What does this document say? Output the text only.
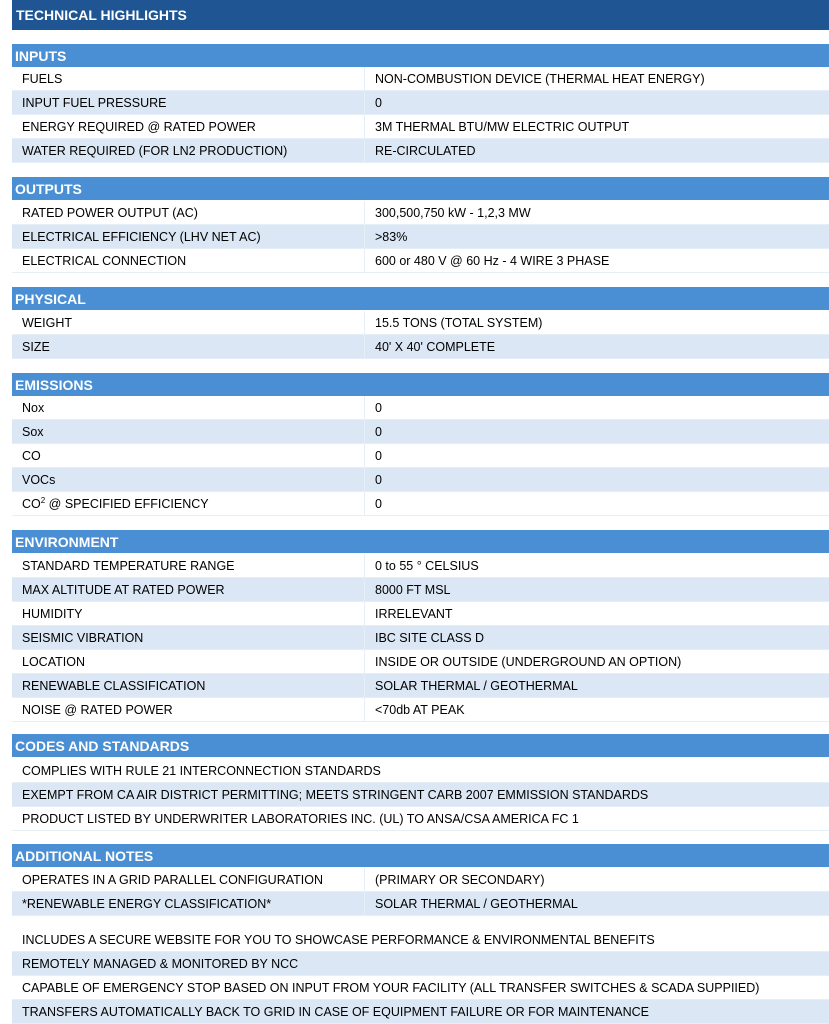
TECHNICAL HIGHLIGHTS
INPUTS
FUELS	NON-COMBUSTION DEVICE (THERMAL HEAT ENERGY)
INPUT FUEL PRESSURE	0
ENERGY REQUIRED @ RATED POWER	3M THERMAL BTU/MW ELECTRIC OUTPUT
WATER REQUIRED (FOR LN2 PRODUCTION)	RE-CIRCULATED
OUTPUTS
RATED POWER OUTPUT (AC)	300,500,750 kW - 1,2,3 MW
ELECTRICAL EFFICIENCY (LHV NET AC)	>83%
ELECTRICAL CONNECTION	600 or 480 V @ 60 Hz - 4 WIRE 3 PHASE
PHYSICAL
WEIGHT	15.5 TONS (TOTAL SYSTEM)
SIZE	40' X 40' COMPLETE
EMISSIONS
Nox	0
Sox	0
CO	0
VOCs	0
$CO^2$ @ SPECIFIED EFFICIENCY	0
ENVIRONMENT
STANDARD TEMPERATURE RANGE	0 to 55 ° CELSIUS
MAX ALTITUDE AT RATED POWER	8000 FT MSL
HUMIDITY	IRRELEVANT
SEISMIC VIBRATION	IBC SITE CLASS D
LOCATION	INSIDE OR OUTSIDE (UNDERGROUND AN OPTION)
RENEWABLE CLASSIFICATION	SOLAR THERMAL / GEOTHERMAL
NOISE @ RATED POWER	<70db AT PEAK
CODES AND STANDARDS
COMPLIES WITH RULE 21 INTERCONNECTION STANDARDS
EXEMPT FROM CA AIR DISTRICT PERMITTING; MEETS STRINGENT CARB 2007 EMMISSION STANDARDS
PRODUCT LISTED BY UNDERWRITER LABORATORIES INC. (UL) TO ANSA/CSA AMERICA FC 1
ADDITIONAL NOTES
OPERATES IN A GRID PARALLEL CONFIGURATION	(PRIMARY OR SECONDARY)
*RENEWABLE ENERGY CLASSIFICATION*	SOLAR THERMAL / GEOTHERMAL
INCLUDES A SECURE WEBSITE FOR YOU TO SHOWCASE PERFORMANCE & ENVIRONMENTAL BENEFITS
REMOTELY MANAGED & MONITORED BY NCC
CAPABLE OF EMERGENCY STOP BASED ON INPUT FROM YOUR FACILITY (ALL TRANSFER SWITCHES & SCADA SUPPIIED)
TRANSFERS AUTOMATICALLY BACK TO GRID IN CASE OF EQUIPMENT FAILURE OR FOR MAINTENANCE
